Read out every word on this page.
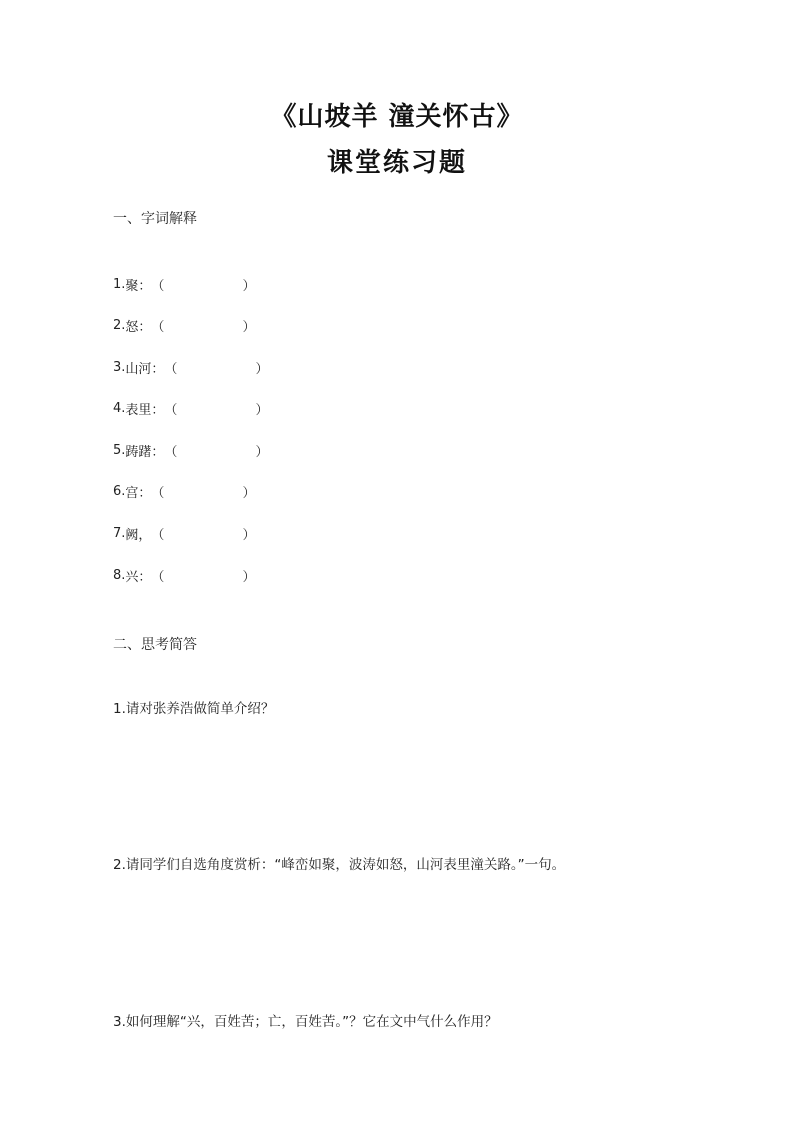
《山坡羊 潼关怀古》
课堂练习题
一、字词解释
1. 聚： （	）
2. 怒： （	）
3. 山河： （	）
4. 表里： （	）
5. 踌躇： （	）
6. 宫： （	）
7. 阙， （	）
8. 兴： （	）
二、思考简答
1.请对张养浩做简单介绍？
2.请同学们自选角度赏析：“峰峦如聚，波涛如怒，山河表里潼关路。”一句。
3.如何理解“兴，百姓苦；亡，百姓苦。”？它在文中气什么作用？
